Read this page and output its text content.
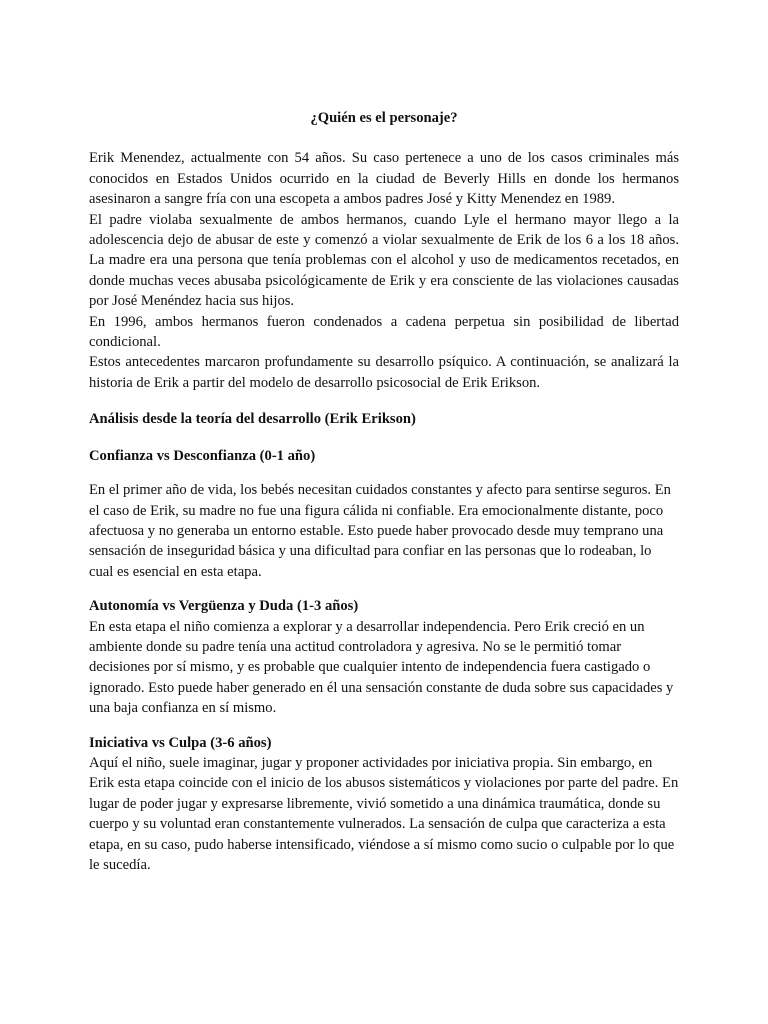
¿Quién es el personaje?

Erik Menendez, actualmente con 54 años. Su caso pertenece a uno de los casos criminales más conocidos en Estados Unidos ocurrido en la ciudad de Beverly Hills en donde los hermanos asesinaron a sangre fría con una escopeta a ambos padres José y Kitty Menendez en 1989.

El padre violaba sexualmente de ambos hermanos, cuando Lyle el hermano mayor llego a la adolescencia dejo de abusar de este y comenzó a violar sexualmente de Erik de los 6 a los 18 años. La madre era una persona que tenía problemas con el alcohol y uso de medicamentos recetados, en donde muchas veces abusaba psicológicamente de Erik y era consciente de las violaciones causadas por José Menéndez hacia sus hijos.

En 1996, ambos hermanos fueron condenados a cadena perpetua sin posibilidad de libertad condicional.

Estos antecedentes marcaron profundamente su desarrollo psíquico. A continuación, se analizará la historia de Erik a partir del modelo de desarrollo psicosocial de Erik Erikson.

Análisis desde la teoría del desarrollo (Erik Erikson)

Confianza vs Desconfianza (0-1 año)

En el primer año de vida, los bebés necesitan cuidados constantes y afecto para sentirse seguros. En el caso de Erik, su madre no fue una figura cálida ni confiable. Era emocionalmente distante, poco afectuosa y no generaba un entorno estable. Esto puede haber provocado desde muy temprano una sensación de inseguridad básica y una dificultad para confiar en las personas que lo rodeaban, lo cual es esencial en esta etapa.

Autonomía vs Vergüenza y Duda (1-3 años)

En esta etapa el niño comienza a explorar y a desarrollar independencia. Pero Erik creció en un ambiente donde su padre tenía una actitud controladora y agresiva. No se le permitió tomar decisiones por sí mismo, y es probable que cualquier intento de independencia fuera castigado o ignorado. Esto puede haber generado en él una sensación constante de duda sobre sus capacidades y una baja confianza en sí mismo.

Iniciativa vs Culpa (3-6 años)

Aquí el niño, suele imaginar, jugar y proponer actividades por iniciativa propia. Sin embargo, en Erik esta etapa coincide con el inicio de los abusos sistemáticos y violaciones por parte del padre. En lugar de poder jugar y expresarse libremente, vivió sometido a una dinámica traumática, donde su cuerpo y su voluntad eran constantemente vulnerados. La sensación de culpa que caracteriza a esta etapa, en su caso, pudo haberse intensificado, viéndose a sí mismo como sucio o culpable por lo que le sucedía.
